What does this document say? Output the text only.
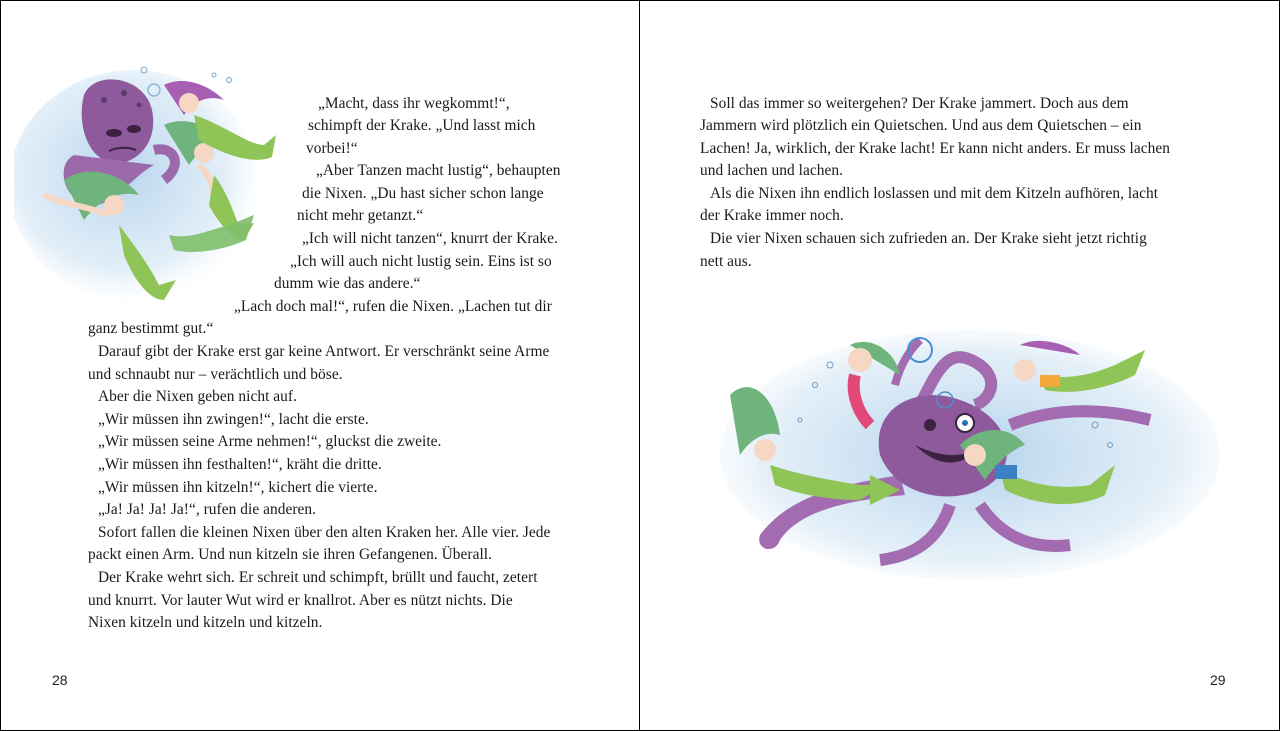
„Macht, dass ihr wegkommt!“,
schimpft der Krake. „Und lasst mich
vorbei!“
„Aber Tanzen macht lustig“, behaupten
die Nixen. „Du hast sicher schon lange
nicht mehr getanzt.“
„Ich will nicht tanzen“, knurrt der Krake.
„Ich will auch nicht lustig sein. Eins ist so
dumm wie das andere.“
„Lach doch mal!“, rufen die Nixen. „Lachen tut dir
ganz bestimmt gut.“
Darauf gibt der Krake erst gar keine Antwort. Er verschränkt seine Arme
und schnaubt nur – verächtlich und böse.
Aber die Nixen geben nicht auf.
„Wir müssen ihn zwingen!“, lacht die erste.
„Wir müssen seine Arme nehmen!“, gluckst die zweite.
„Wir müssen ihn festhalten!“, kräht die dritte.
„Wir müssen ihn kitzeln!“, kichert die vierte.
„Ja! Ja! Ja! Ja!“, rufen die anderen.
Sofort fallen die kleinen Nixen über den alten Kraken her. Alle vier. Jede
packt einen Arm. Und nun kitzeln sie ihren Gefangenen. Überall.
Der Krake wehrt sich. Er schreit und schimpft, brüllt und faucht, zetert
und knurrt. Vor lauter Wut wird er knallrot. Aber es nützt nichts. Die
Nixen kitzeln und kitzeln und kitzeln.
28
Soll das immer so weitergehen? Der Krake jammert. Doch aus dem
Jammern wird plötzlich ein Quietschen. Und aus dem Quietschen – ein
Lachen! Ja, wirklich, der Krake lacht! Er kann nicht anders. Er muss lachen
und lachen und lachen.
Als die Nixen ihn endlich loslassen und mit dem Kitzeln aufhören, lacht
der Krake immer noch.
Die vier Nixen schauen sich zufrieden an. Der Krake sieht jetzt richtig
nett aus.
29
